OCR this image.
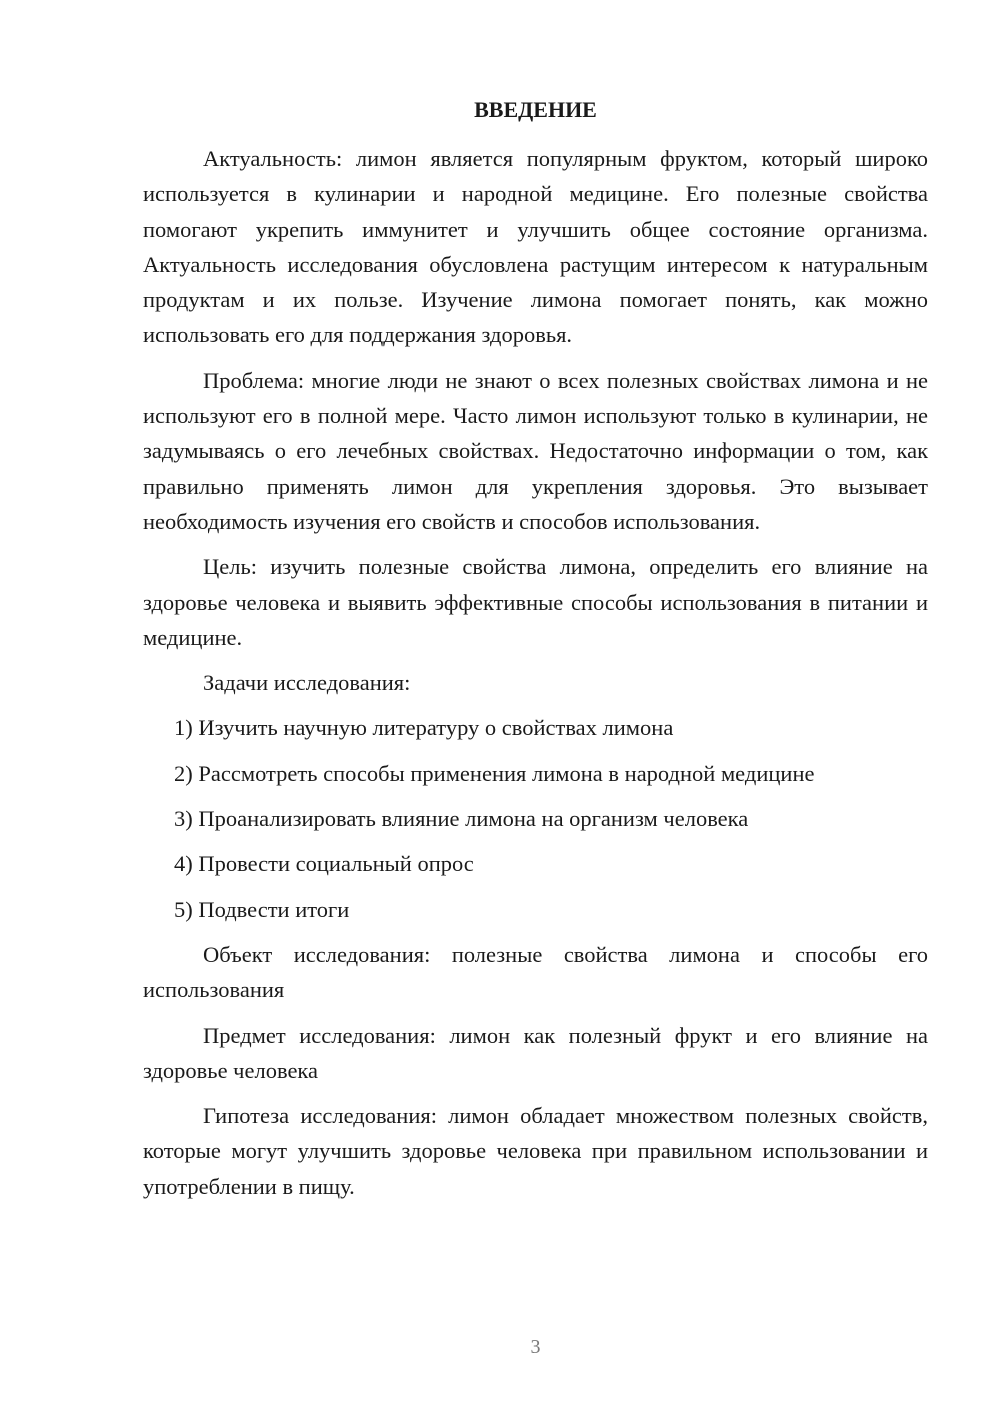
ВВЕДЕНИЕ

Актуальность: лимон является популярным фруктом, который широко используется в кулинарии и народной медицине. Его полезные свойства помогают укрепить иммунитет и улучшить общее состояние организма. Актуальность исследования обусловлена растущим интересом к натуральным продуктам и их пользе. Изучение лимона помогает понять, как можно использовать его для поддержания здоровья.

Проблема: многие люди не знают о всех полезных свойствах лимона и не используют его в полной мере. Часто лимон используют только в кулинарии, не задумываясь о его лечебных свойствах. Недостаточно информации о том, как правильно применять лимон для укрепления здоровья. Это вызывает необходимость изучения его свойств и способов использования.

Цель: изучить полезные свойства лимона, определить его влияние на здоровье человека и выявить эффективные способы использования в питании и медицине.

Задачи исследования:

1) Изучить научную литературу о свойствах лимона
2) Рассмотреть способы применения лимона в народной медицине
3) Проанализировать влияние лимона на организм человека
4) Провести социальный опрос
5) Подвести итоги

Объект исследования: полезные свойства лимона и способы его использования

Предмет исследования: лимон как полезный фрукт и его влияние на здоровье человека

Гипотеза исследования: лимон обладает множеством полезных свойств, которые могут улучшить здоровье человека при правильном использовании и употреблении в пищу.

3
